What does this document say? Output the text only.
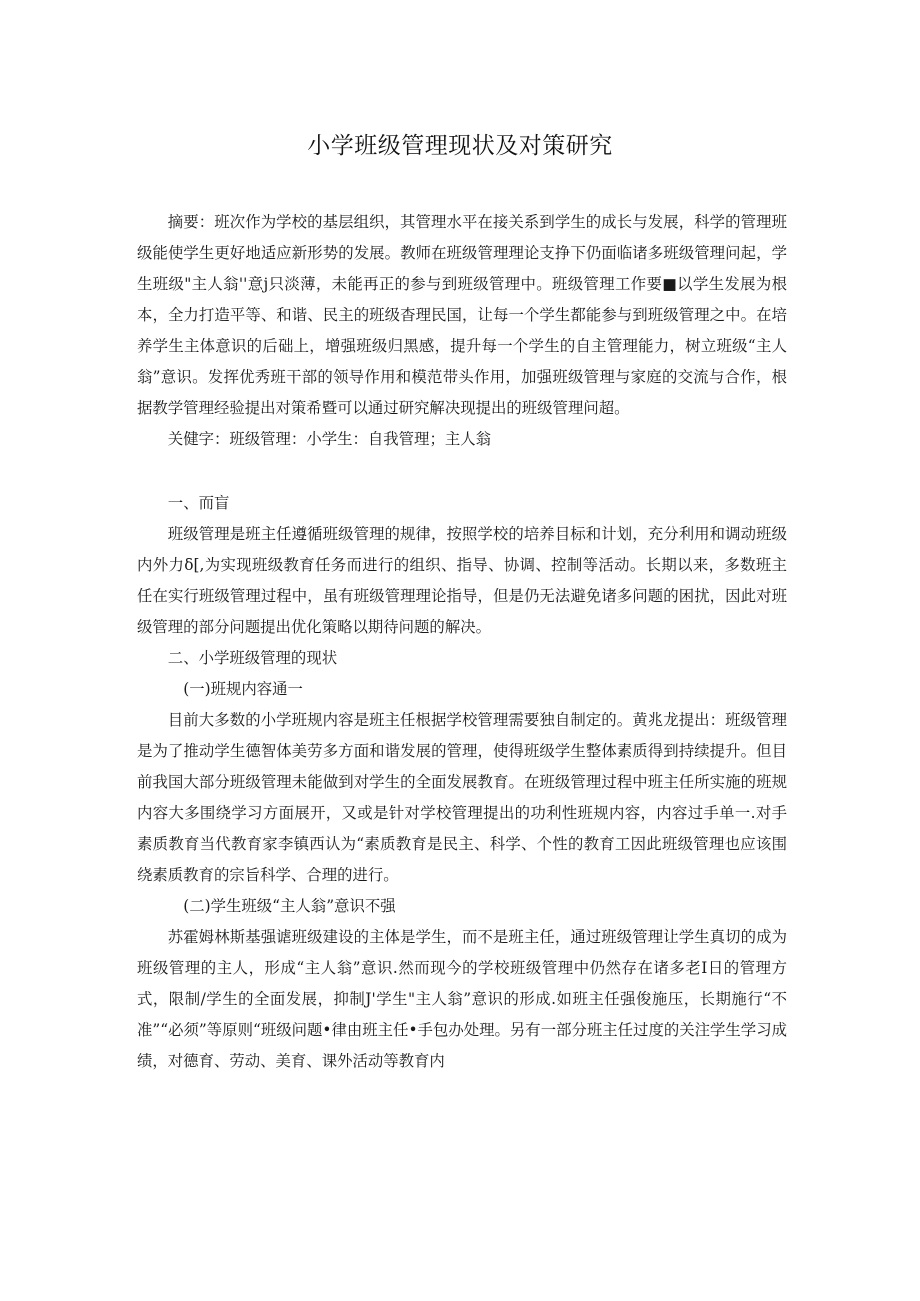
小学班级管理现状及对策研究

摘要：班次作为学校的基层组织，其管理水平在接关系到学生的成长与发展，科学的管理班级能使学生更好地适应新形势的发展。教师在班级管理理论支挣下仍面临诸多班级管理问起，学生班级"主人翁''意j只淡薄，未能再正的参与到班级管理中。班级管理工作要■以学生发展为根本，全力打造平等、和谐、民主的班级杳理民国，让每一个学生都能参与到班级管理之中。在培养学生主体意识的后础上，增强班级归黑感，提升每一个学生的自主管理能力，树立班级“主人翁”意识。发挥优秀班干部的领导作用和模范带头作用，加强班级管理与家庭的交流与合作，根据教学管理经验提出对策希暨可以通过研究解决现提出的班级管理问超。

关健字：班级管理：小学生：自我管理；主人翁

一、而盲

班级管理是班主任遵循班级管理的规律，按照学校的培养目标和计划，充分利用和调动班级内外力δ[,为实现班级教育任务而进行的组织、指导、协调、控制等活动。长期以来，多数班主任在实行班级管理过程中，虽有班级管理理论指导，但是仍无法避免诸多问题的困扰，因此对班级管理的部分问题提出优化策略以期待问题的解决。

二、小学班级管理的现状

(一)班规内容通一

目前大多数的小学班规内容是班主任根据学校管理需要独自制定的。黄兆龙提出：班级管理是为了推动学生德智体美劳多方面和谐发展的管理，使得班级学生整体素质得到持续提升。但目前我国大部分班级管理未能做到对学生的全面发展教育。在班级管理过程中班主任所实施的班规内容大多围绕学习方面展开，又或是针对学校管理提出的功利性班规内容，内容过手单一.对手素质教育当代教育家李镇西认为“素质教育是民主、科学、个性的教育工因此班级管理也应该围绕素质教育的宗旨科学、合理的进行。

(二)学生班级“主人翁”意识不强

苏霍姆林斯基强谑班级建设的主体是学生，而不是班主任，通过班级管理让学生真切的成为班级管理的主人，形成“主人翁”意识.然而现今的学校班级管理中仍然存在诸多老I日的管理方式，限制/学生的全面发展，抑制J'学生"主人翁”意识的形成.如班主任强俊施压，长期施行“不准”“必须”等原则“班级问题•律由班主任•手包办处理。另有一部分班主任过度的关注学生学习成绩，对德育、劳动、美育、课外活动等教育内
